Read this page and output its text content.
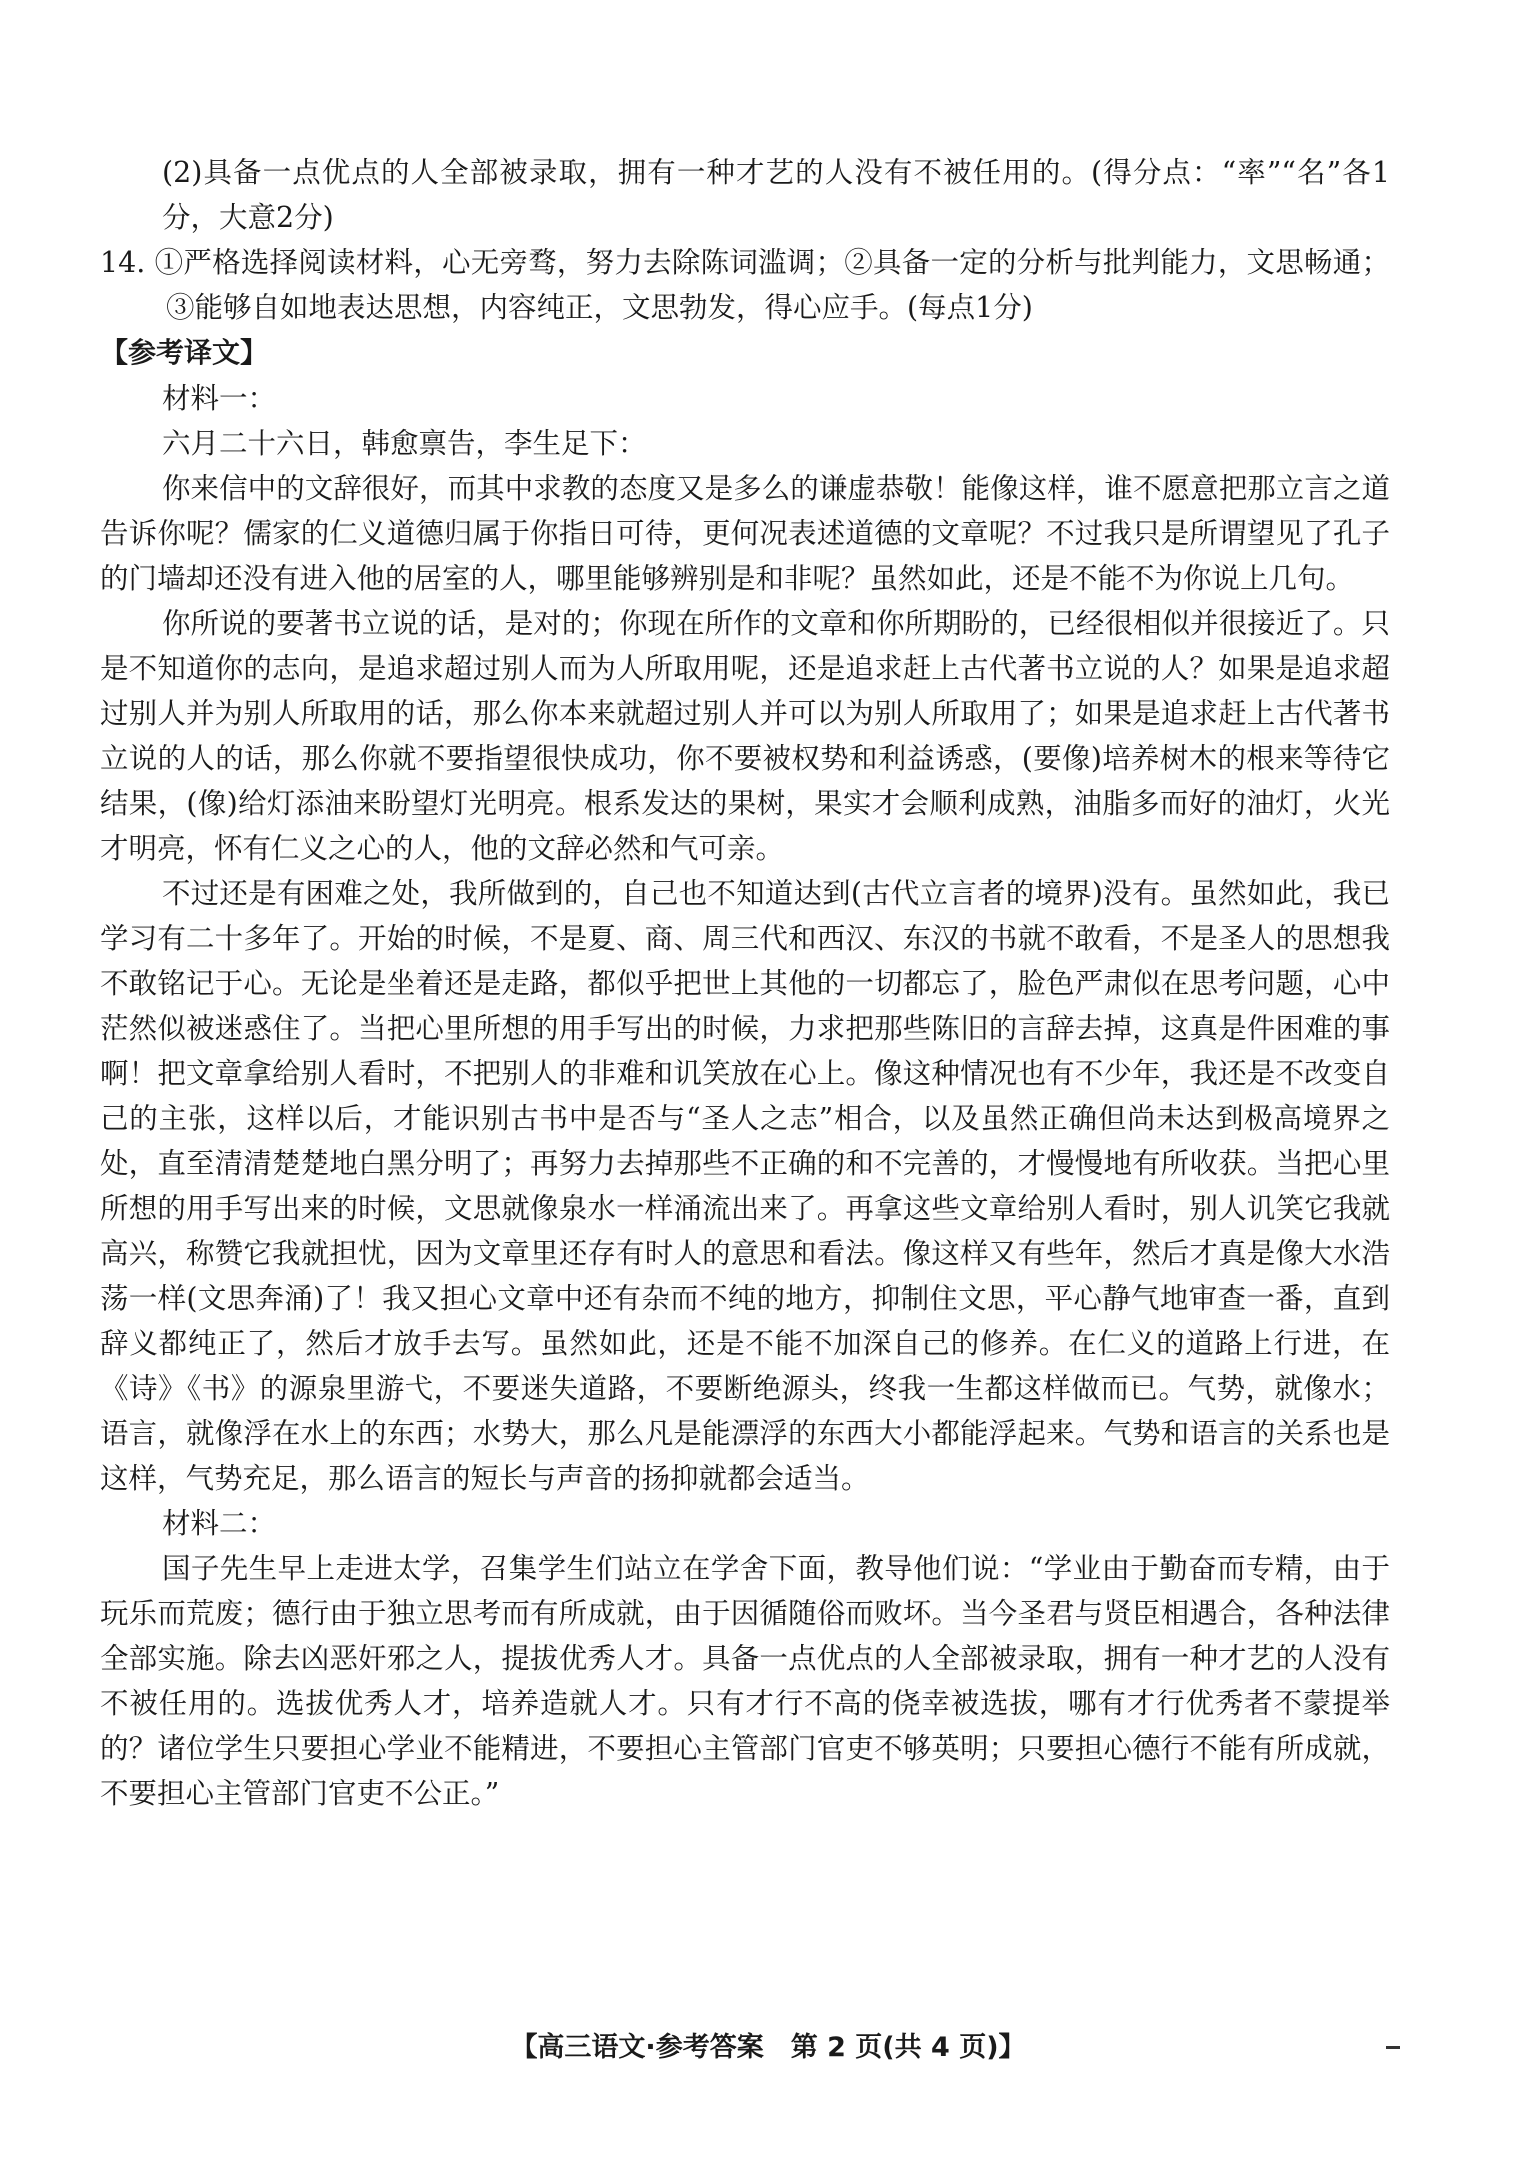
(2)具备一点优点的人全部被录取，拥有一种才艺的人没有不被任用的。(得分点：“率”“名”各1分，大意2分)

14. ①严格选择阅读材料，心无旁骛，努力去除陈词滥调；②具备一定的分析与批判能力，文思畅通；③能够自如地表达思想，内容纯正，文思勃发，得心应手。(每点1分)

【参考译文】

材料一：

六月二十六日，韩愈禀告，李生足下：

你来信中的文辞很好，而其中求教的态度又是多么的谦虚恭敬！能像这样，谁不愿意把那立言之道告诉你呢？儒家的仁义道德归属于你指日可待，更何况表述道德的文章呢？不过我只是所谓望见了孔子的门墙却还没有进入他的居室的人，哪里能够辨别是和非呢？虽然如此，还是不能不为你说上几句。

你所说的要著书立说的话，是对的；你现在所作的文章和你所期盼的，已经很相似并很接近了。只是不知道你的志向，是追求超过别人而为人所取用呢，还是追求赶上古代著书立说的人？如果是追求超过别人并为别人所取用的话，那么你本来就超过别人并可以为别人所取用了；如果是追求赶上古代著书立说的人的话，那么你就不要指望很快成功，你不要被权势和利益诱惑，(要像)培养树木的根来等待它结果，(像)给灯添油来盼望灯光明亮。根系发达的果树，果实才会顺利成熟，油脂多而好的油灯，火光才明亮，怀有仁义之心的人，他的文辞必然和气可亲。

不过还是有困难之处，我所做到的，自己也不知道达到(古代立言者的境界)没有。虽然如此，我已学习有二十多年了。开始的时候，不是夏、商、周三代和西汉、东汉的书就不敢看，不是圣人的思想我不敢铭记于心。无论是坐着还是走路，都似乎把世上其他的一切都忘了，脸色严肃似在思考问题，心中茫然似被迷惑住了。当把心里所想的用手写出的时候，力求把那些陈旧的言辞去掉，这真是件困难的事啊！把文章拿给别人看时，不把别人的非难和讥笑放在心上。像这种情况也有不少年，我还是不改变自己的主张，这样以后，才能识别古书中是否与“圣人之志”相合，以及虽然正确但尚未达到极高境界之处，直至清清楚楚地白黑分明了；再努力去掉那些不正确的和不完善的，才慢慢地有所收获。当把心里所想的用手写出来的时候，文思就像泉水一样涌流出来了。再拿这些文章给别人看时，别人讥笑它我就高兴，称赞它我就担忧，因为文章里还存有时人的意思和看法。像这样又有些年，然后才真是像大水浩荡一样(文思奔涌)了！我又担心文章中还有杂而不纯的地方，抑制住文思，平心静气地审查一番，直到辞义都纯正了，然后才放手去写。虽然如此，还是不能不加深自己的修养。在仁义的道路上行进，在《诗》《书》的源泉里游弋，不要迷失道路，不要断绝源头，终我一生都这样做而已。气势，就像水；语言，就像浮在水上的东西；水势大，那么凡是能漂浮的东西大小都能浮起来。气势和语言的关系也是这样，气势充足，那么语言的短长与声音的扬抑就都会适当。

材料二：

国子先生早上走进太学，召集学生们站立在学舍下面，教导他们说：“学业由于勤奋而专精，由于玩乐而荒废；德行由于独立思考而有所成就，由于因循随俗而败坏。当今圣君与贤臣相遇合，各种法律全部实施。除去凶恶奸邪之人，提拔优秀人才。具备一点优点的人全部被录取，拥有一种才艺的人没有不被任用的。选拔优秀人才，培养造就人才。只有才行不高的侥幸被选拔，哪有才行优秀者不蒙提举的？诸位学生只要担心学业不能精进，不要担心主管部门官吏不够英明；只要担心德行不能有所成就，不要担心主管部门官吏不公正。”

【高三语文·参考答案　第 2 页(共 4 页)】
